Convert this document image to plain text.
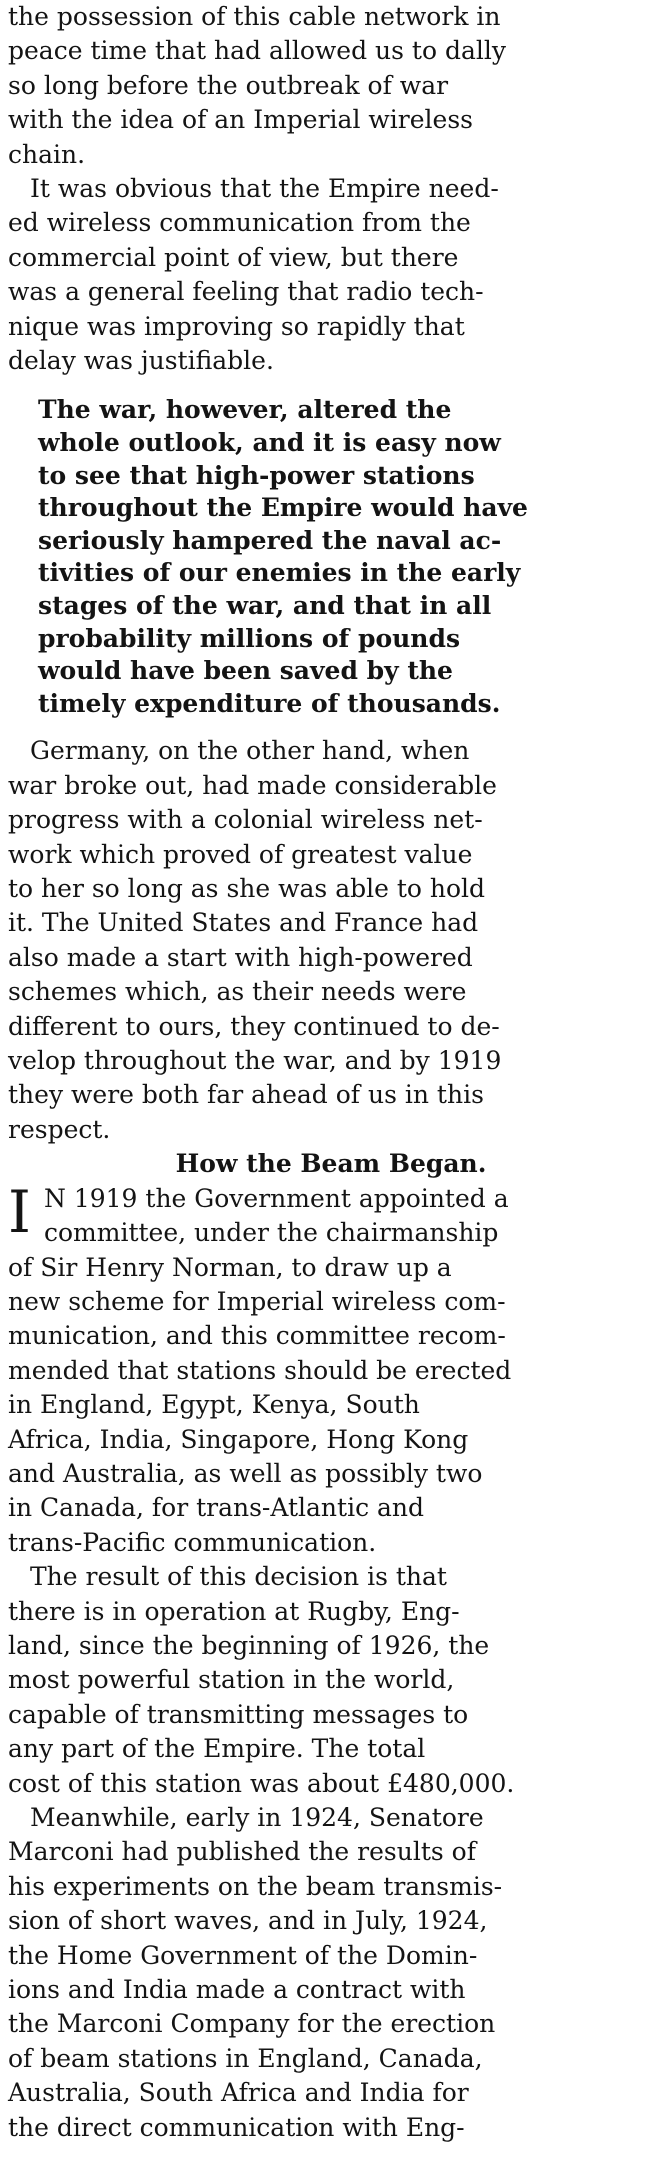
the possession of this cable network in

peace time that had allowed us to dally

so long before the outbreak of war

with the idea of an Imperial wireless

chain.

It was obvious that the Empire need-

ed wireless communication from the

commercial point of view, but there

was a general feeling that radio tech-

nique was improving so rapidly that

delay was justifiable.

The war, however, altered the

whole outlook, and it is easy now

to see that high-power stations

throughout the Empire would have

seriously hampered the naval ac-

tivities of our enemies in the early

stages of the war, and that in all

probability millions of pounds

would have been saved by the

timely expenditure of thousands.

Germany, on the other hand, when

war broke out, had made considerable

progress with a colonial wireless net-

work which proved of greatest value

to her so long as she was able to hold

it. The United States and France had

also made a start with high-powered

schemes which, as their needs were

different to ours, they continued to de-

velop throughout the war, and by 1919

they were both far ahead of us in this

respect.

How the Beam Began.

I N 1919 the Government appointed a

committee, under the chairmanship

of Sir Henry Norman, to draw up a

new scheme for Imperial wireless com-

munication, and this committee recom-

mended that stations should be erected

in England, Egypt, Kenya, South

Africa, India, Singapore, Hong Kong

and Australia, as well as possibly two

in Canada, for trans-Atlantic and

trans-Pacific communication.

The result of this decision is that

there is in operation at Rugby, Eng-

land, since the beginning of 1926, the

most powerful station in the world,

capable of transmitting messages to

any part of the Empire. The total

cost of this station was about £480,000.

Meanwhile, early in 1924, Senatore

Marconi had published the results of

his experiments on the beam transmis-

sion of short waves, and in July, 1924,

the Home Government of the Domin-

ions and India made a contract with

the Marconi Company for the erection

of beam stations in England, Canada,

Australia, South Africa and India for

the direct communication with Eng-
